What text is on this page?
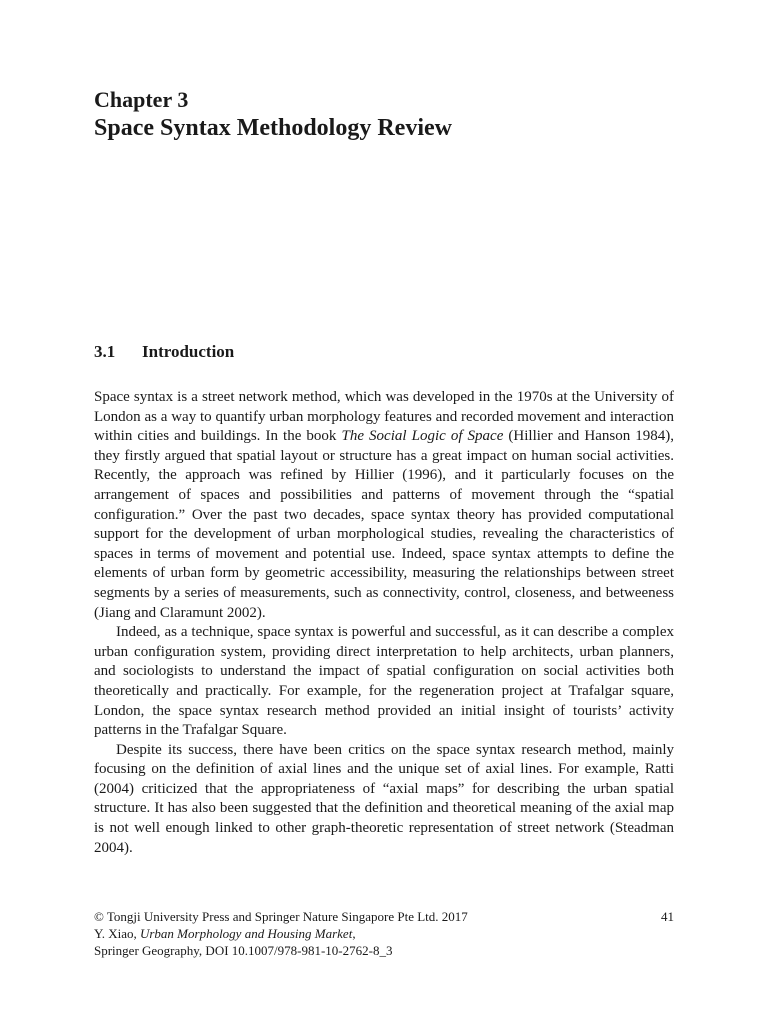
Chapter 3
Space Syntax Methodology Review
3.1 Introduction

Space syntax is a street network method, which was developed in the 1970s at the University of London as a way to quantify urban morphology features and recorded movement and interaction within cities and buildings. In the book The Social Logic of Space (Hillier and Hanson 1984), they firstly argued that spatial layout or structure has a great impact on human social activities. Recently, the approach was refined by Hillier (1996), and it particularly focuses on the arrangement of spaces and possibilities and patterns of movement through the “spatial configuration.” Over the past two decades, space syntax theory has provided computational support for the development of urban morphological studies, revealing the characteristics of spaces in terms of movement and potential use. Indeed, space syntax attempts to define the elements of urban form by geometric accessibility, measuring the relationships between street segments by a series of measurements, such as connectivity, control, closeness, and betweeness (Jiang and Claramunt 2002).

Indeed, as a technique, space syntax is powerful and successful, as it can describe a complex urban configuration system, providing direct interpretation to help architects, urban planners, and sociologists to understand the impact of spatial configuration on social activities both theoretically and practically. For example, for the regeneration project at Trafalgar square, London, the space syntax research method provided an initial insight of tourists’ activity patterns in the Trafalgar Square.

Despite its success, there have been critics on the space syntax research method, mainly focusing on the definition of axial lines and the unique set of axial lines. For example, Ratti (2004) criticized that the appropriateness of “axial maps” for describing the urban spatial structure. It has also been suggested that the definition and theoretical meaning of the axial map is not well enough linked to other graph-theoretic representation of street network (Steadman 2004).

© Tongji University Press and Springer Nature Singapore Pte Ltd. 2017
Y. Xiao, Urban Morphology and Housing Market,
Springer Geography, DOI 10.1007/978-981-10-2762-8_3
41
